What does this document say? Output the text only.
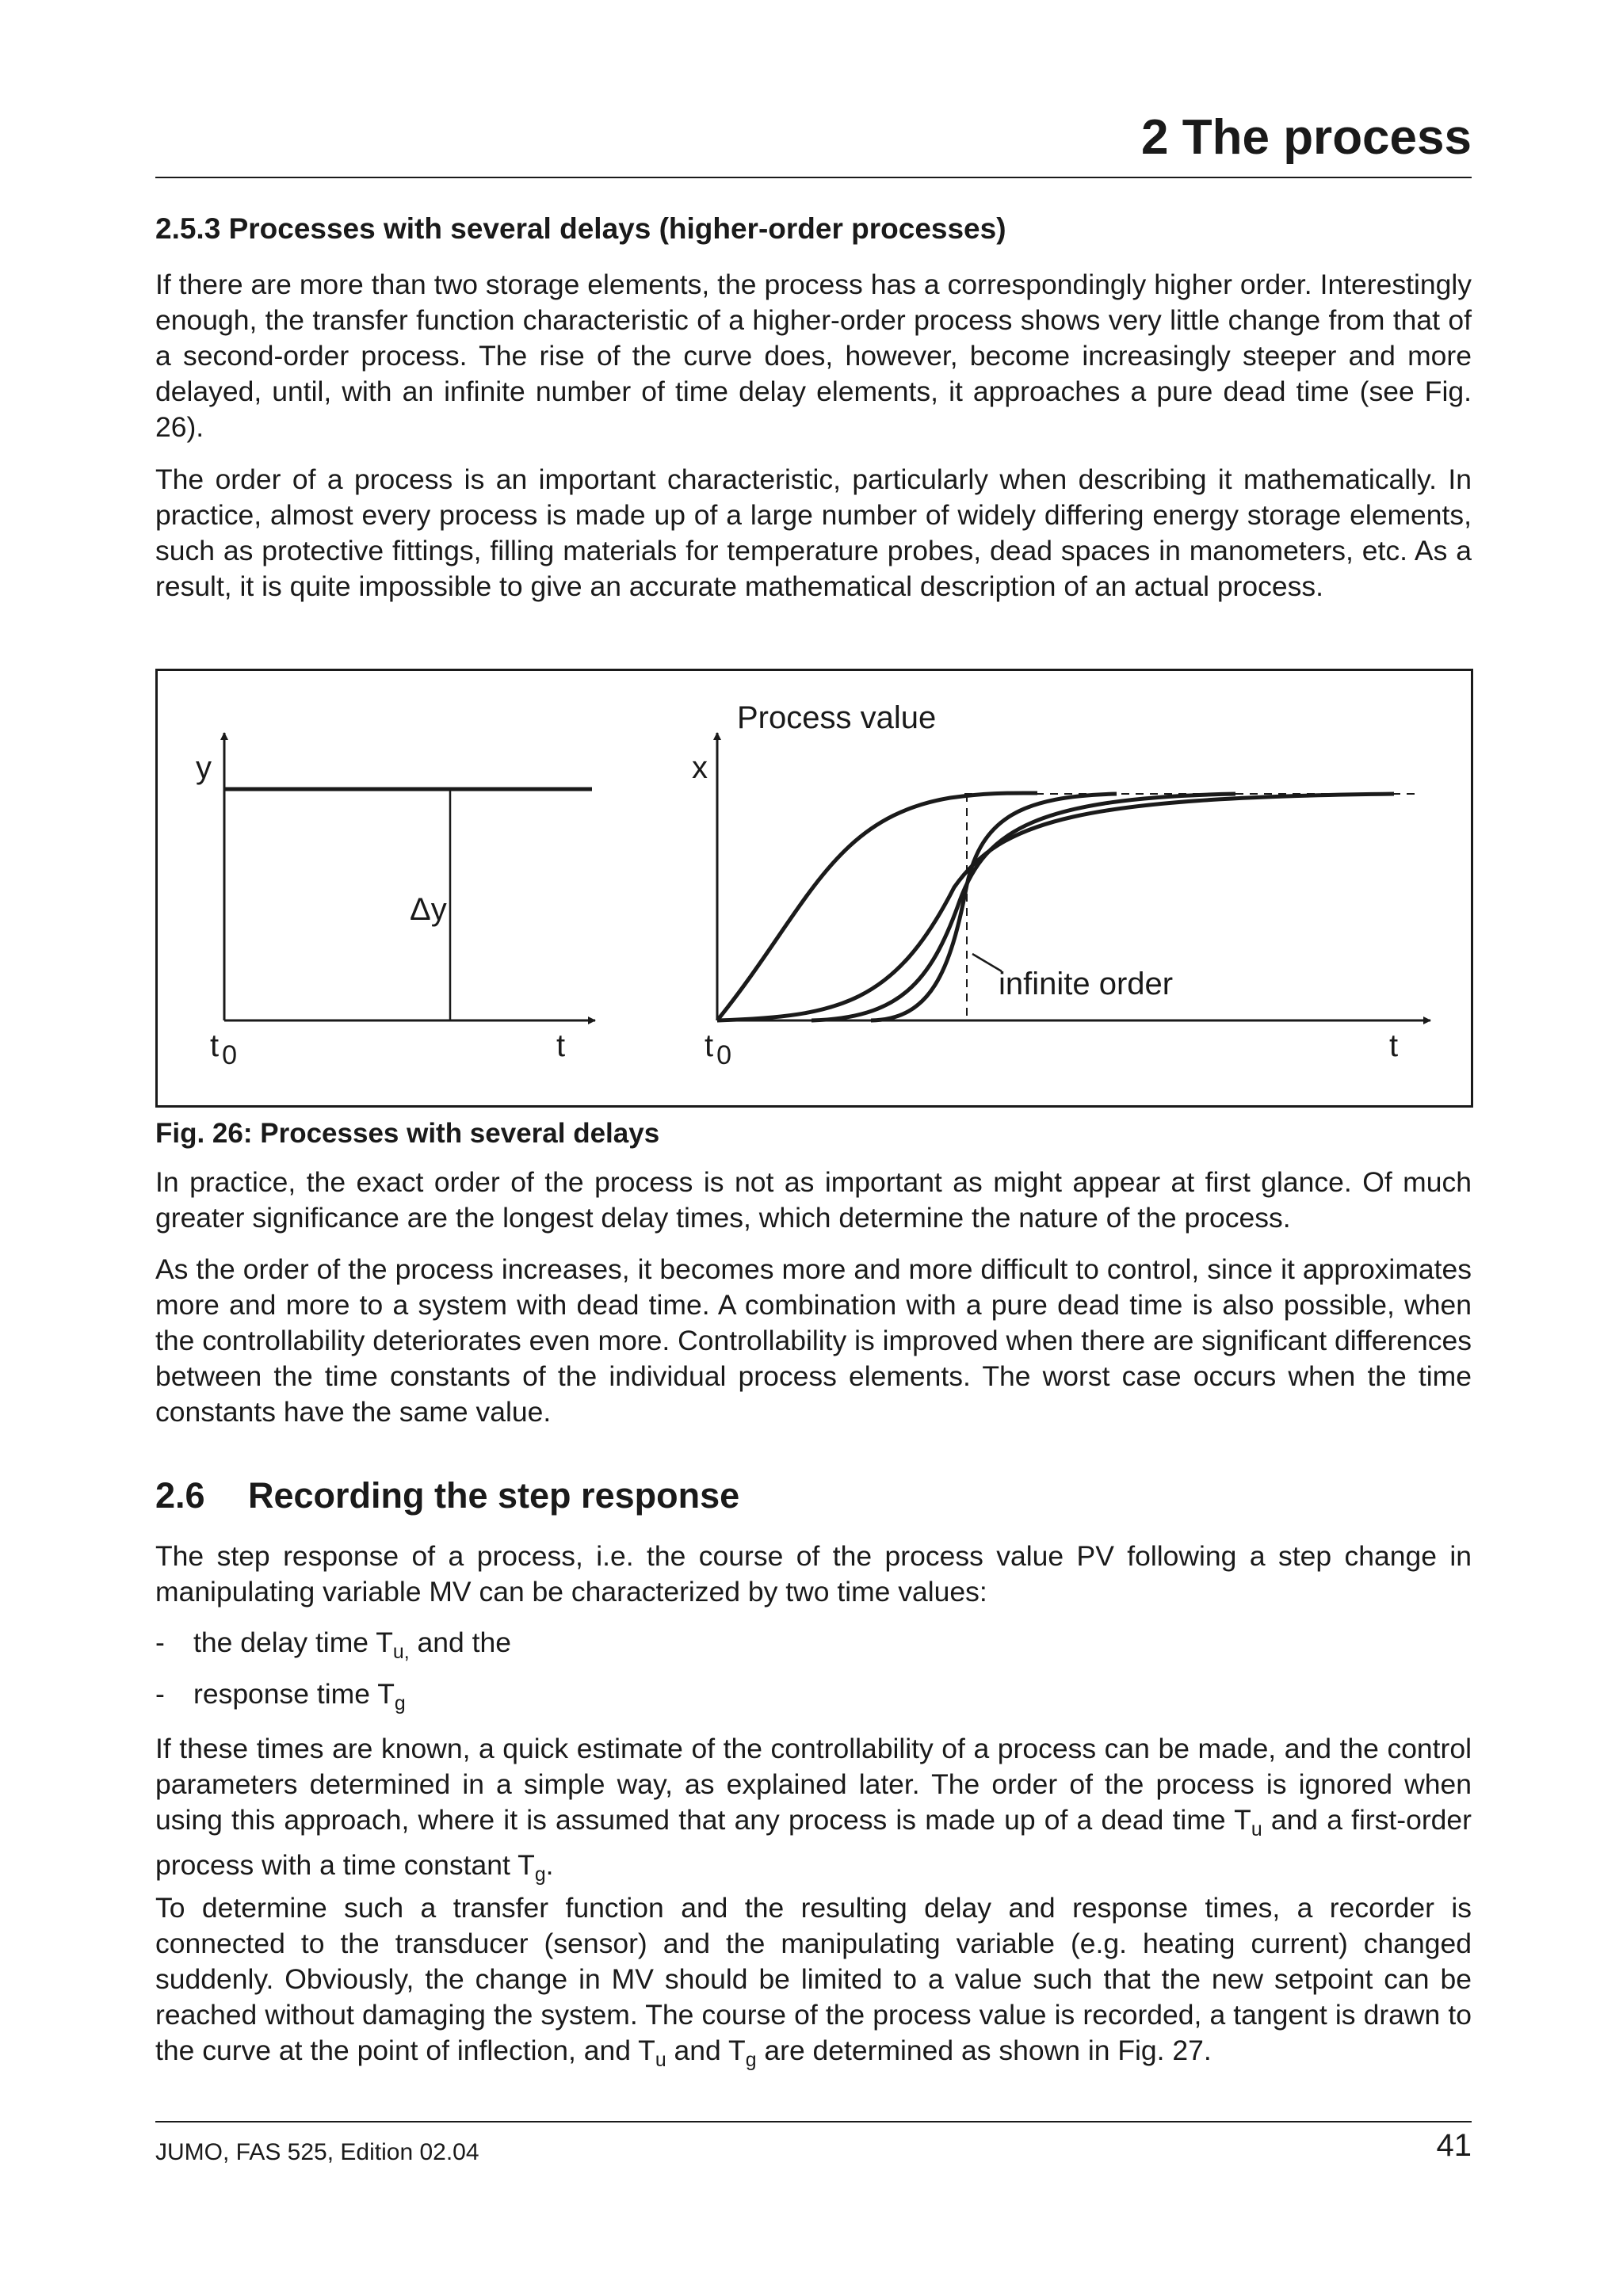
2 The process
2.5.3 Processes with several delays (higher-order processes)

If there are more than two storage elements, the process has a correspondingly higher order. Interestingly enough, the transfer function characteristic of a higher-order process shows very little change from that of a second-order process. The rise of the curve does, however, become increasingly steeper and more delayed, until, with an infinite number of time delay elements, it approaches a pure dead time (see Fig. 26).

The order of a process is an important characteristic, particularly when describing it mathematically. In practice, almost every process is made up of a large number of widely differing energy storage elements, such as protective fittings, filling materials for temperature probes, dead spaces in manometers, etc. As a result, it is quite impossible to give an accurate mathematical description of an actual process.

y
Δy
t $_0$	t
infinite order
Process value
x
t $_0$	t

Fig. 26: Processes with several delays

In practice, the exact order of the process is not as important as might appear at first glance. Of much greater significance are the longest delay times, which determine the nature of the process.

As the order of the process increases, it becomes more and more difficult to control, since it approximates more and more to a system with dead time. A combination with a pure dead time is also possible, when the controllability deteriorates even more. Controllability is improved when there are significant differences between the time constants of the individual process elements. The worst case occurs when the time constants have the same value.

2.6 Recording the step response

The step response of a process, i.e. the course of the process value PV following a step change in manipulating variable MV can be characterized by two time values:

- the delay time $T_{u,}$ and the

- response time $T_g$

If these times are known, a quick estimate of the controllability of a process can be made, and the control parameters determined in a simple way, as explained later. The order of the process is ignored when using this approach, where it is assumed that any process is made up of a dead time $T_u$ and a first-order process with a time constant $T_g$.

To determine such a transfer function and the resulting delay and response times, a recorder is connected to the transducer (sensor) and the manipulating variable (e.g. heating current) changed suddenly. Obviously, the change in MV should be limited to a value such that the new setpoint can be reached without damaging the system. The course of the process value is recorded, a tangent is drawn to the curve at the point of inflection, and $T_u$ and $T_g$ are determined as shown in Fig. 27.

JUMO, FAS 525, Edition 02.04	41
